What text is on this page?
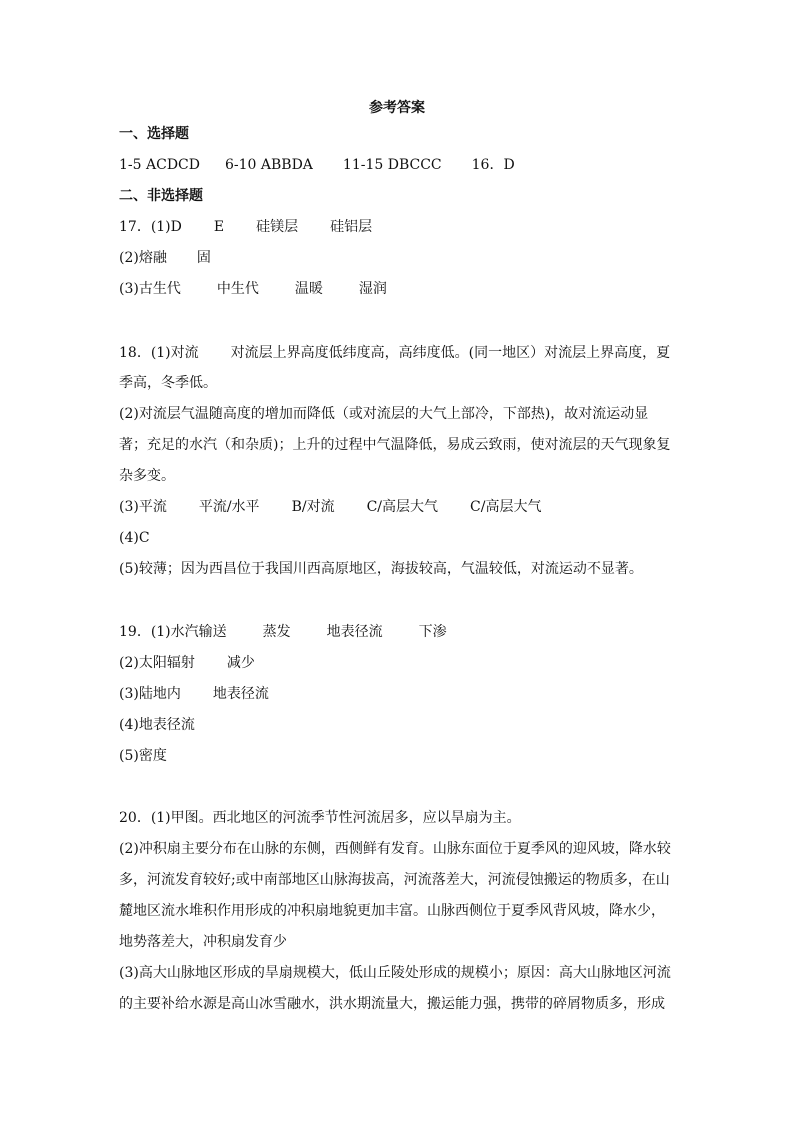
参考答案
一、选择题
1-5 ACDCD 6-10 ABBDA 11-15 DBCCC 16．D
二、非选择题
17．(1)D E 硅镁层 硅铝层
(2)熔融 固
(3)古生代	中生代	温暖	湿润
18．(1)对流 对流层上界高度低纬度高，高纬度低。(同一地区）对流层上界高度，夏
季高，冬季低。
(2)对流层气温随高度的增加而降低（或对流层的大气上部冷，下部热)，故对流运动显
著；充足的水汽（和杂质)；上升的过程中气温降低，易成云致雨，使对流层的天气现象复
杂多变。
(3)平流 平流/水平 B/对流 C/高层大气 C/高层大气
(4)C
(5)较薄；因为西昌位于我国川西高原地区，海拔较高，气温较低，对流运动不显著。
19．(1)水汽输送	蒸发	地表径流	下渗
(2)太阳辐射 减少
(3)陆地内 地表径流
(4)地表径流
(5)密度
20．(1)甲图。西北地区的河流季节性河流居多，应以旱扇为主。
(2)冲积扇主要分布在山脉的东侧，西侧鲜有发育。山脉东面位于夏季风的迎风坡，降水较
多，河流发育较好;或中南部地区山脉海拔高，河流落差大，河流侵蚀搬运的物质多，在山
麓地区流水堆积作用形成的冲积扇地貌更加丰富。山脉西侧位于夏季风背风坡，降水少，
地势落差大，冲积扇发育少
(3)高大山脉地区形成的旱扇规模大，低山丘陵处形成的规模小；原因：高大山脉地区河流
的主要补给水源是高山冰雪融水，洪水期流量大，搬运能力强，携带的碎屑物质多，形成
